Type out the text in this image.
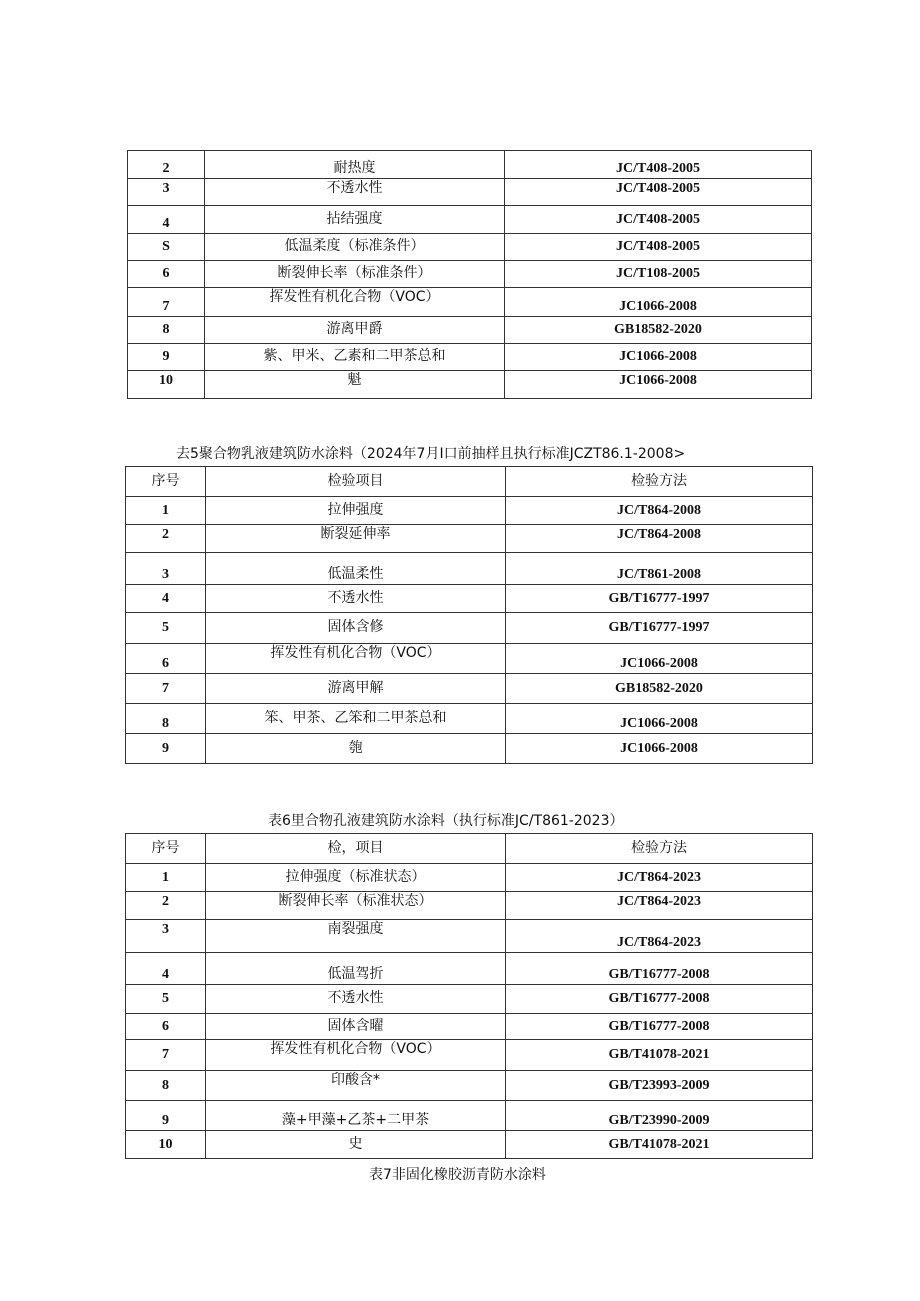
2	耐热度	JC/T408-2005
3	不透水性	JC/T408-2005
4	拈结强度	JC/T408-2005
S	低温柔度（标准条件）	JC/T408-2005
6	断裂伸长率（标准条件）	JC/T108-2005
7	挥发性有机化合物（VOC）	JC1066-2008
8	游离甲爵	GB18582-2020
9	紫、甲米、乙素和二甲茶总和	JC1066-2008
10	魁	JC1066-2008
去5聚合物乳液建筑防水涂料（2024年7月I口前抽样且执行标准JCZT86.1-2008>
序号	检验项目	检验方法
1	拉伸强度	JC/T864-2008
2	断裂延伸率	JC/T864-2008
3	低温柔性	JC/T861-2008
4	不透水性	GB/T16777-1997
5	固体含修	GB/T16777-1997
6	挥发性有机化合物（VOC）	JC1066-2008
7	游离甲解	GB18582-2020
8	笨、甲茶、乙笨和二甲茶总和	JC1066-2008
9	匏	JC1066-2008
表6里合物孔液建筑防水涂料（执行标准JC/T861-2023）
序号	检，项目	检验方法
1	拉伸强度（标准状态）	JC/T864-2023
2	断裂伸长率（标准状态）	JC/T864-2023
3	南裂强度	JC/T864-2023
4	低温驾折	GB/T16777-2008
5	不透水性	GB/T16777-2008
6	固体含曜	GB/T16777-2008
7	挥发性有机化合物（VOC）	GB/T41078-2021
8	印酸含*	GB/T23993-2009
9	藻+甲藻+乙茶+二甲茶	GB/T23990-2009
10	史	GB/T41078-2021
表7非固化橡胶沥青防水涂料
